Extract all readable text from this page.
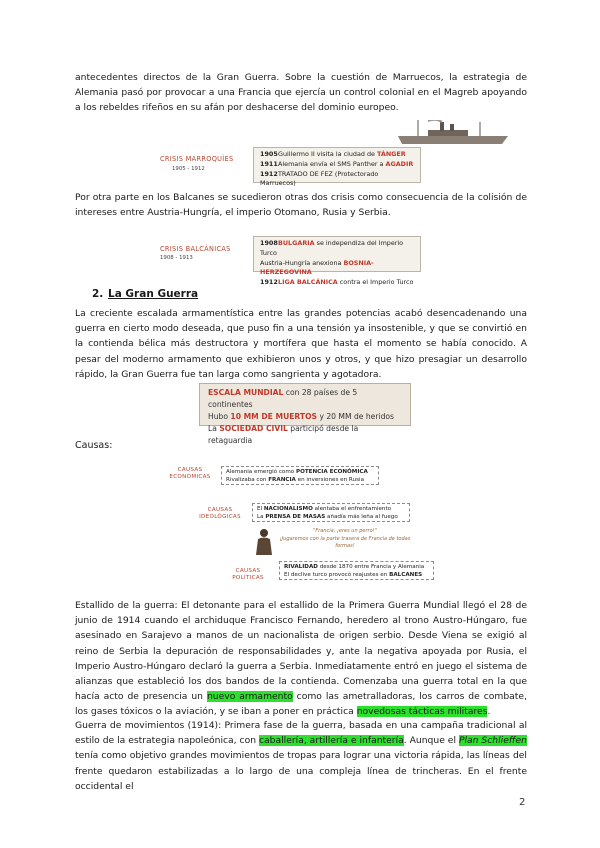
antecedentes directos de la Gran Guerra. Sobre la cuestión de Marruecos, la estrategia de Alemania pasó por provocar a una Francia que ejercía un control colonial en el Magreb apoyando a los rebeldes rifeños en su afán por deshacerse del dominio europeo.

CRISIS MARROQUÍES
1905 - 1912
1905Guillermo II visita la ciudad de TÁNGER
1911Alemania envía el SMS Panther a AGADIR
1912TRATADO DE FEZ (Protectorado Marruecos)

Por otra parte en los Balcanes se sucedieron otras dos crisis como consecuencia de la colisión de intereses entre Austria-Hungría, el imperio Otomano, Rusia y Serbia.

CRISIS BALCÁNICAS
1908 - 1913
1908BULGARIA se independiza del Imperio Turco
Austria-Hungría anexiona BOSNIA-HERZEGOVINA
1912LIGA BALCÁNICA contra el Imperio Turco
2. La Gran Guerra

La creciente escalada armamentística entre las grandes potencias acabó desencadenando una guerra en cierto modo deseada, que puso fin a una tensión ya insostenible, y que se convirtió en la contienda bélica más destructora y mortífera que hasta el momento se había conocido. A pesar del moderno armamento que exhibieron unos y otros, y que hizo presagiar un desarrollo rápido, la Gran Guerra fue tan larga como sangrienta y agotadora.

ESCALA MUNDIAL con 28 países de 5 continentes
Hubo 10 MM DE MUERTOS y 20 MM de heridos
La SOCIEDAD CIVIL participó desde la retaguardia
Causas:
CAUSAS
ECONÓMICAS
Alemania emergió como POTENCIA ECONÓMICA
Rivalizaba con FRANCIA en inversiones en Rusia
CAUSAS
IDEOLÓGICAS
El NACIONALISMO alentaba el enfrentamiento
La PRENSA DE MASAS añadía más leña al fuego
"Francia, ¡eres un perro!"
¡Jugaremos con la parte trasera de Francia de todas formas!
CAUSAS
POLÍTICAS
RIVALIDAD desde 1870 entre Francia y Alemania
El declive turco provocó reajustes en BALCANES

Estallido de la guerra: El detonante para el estallido de la Primera Guerra Mundial llegó el 28 de junio de 1914 cuando el archiduque Francisco Fernando, heredero al trono Austro-Húngaro, fue asesinado en Sarajevo a manos de un nacionalista de origen serbio. Desde Viena se exigió al reino de Serbia la depuración de responsabilidades y, ante la negativa apoyada por Rusia, el Imperio Austro-Húngaro declaró la guerra a Serbia. Inmediatamente entró en juego el sistema de alianzas que estableció los dos bandos de la contienda. Comenzaba una guerra total en la que hacía acto de presencia un nuevo armamento como las ametralladoras, los carros de combate, los gases tóxicos o la aviación, y se iban a poner en práctica novedosas tácticas militares.

Guerra de movimientos (1914): Primera fase de la guerra, basada en una campaña tradicional al estilo de la estrategia napoleónica, con caballería, artillería e infantería. Aunque el Plan Schlieffen tenía como objetivo grandes movimientos de tropas para lograr una victoria rápida, las líneas del frente quedaron estabilizadas a lo largo de una compleja línea de trincheras. En el frente occidental el

2
